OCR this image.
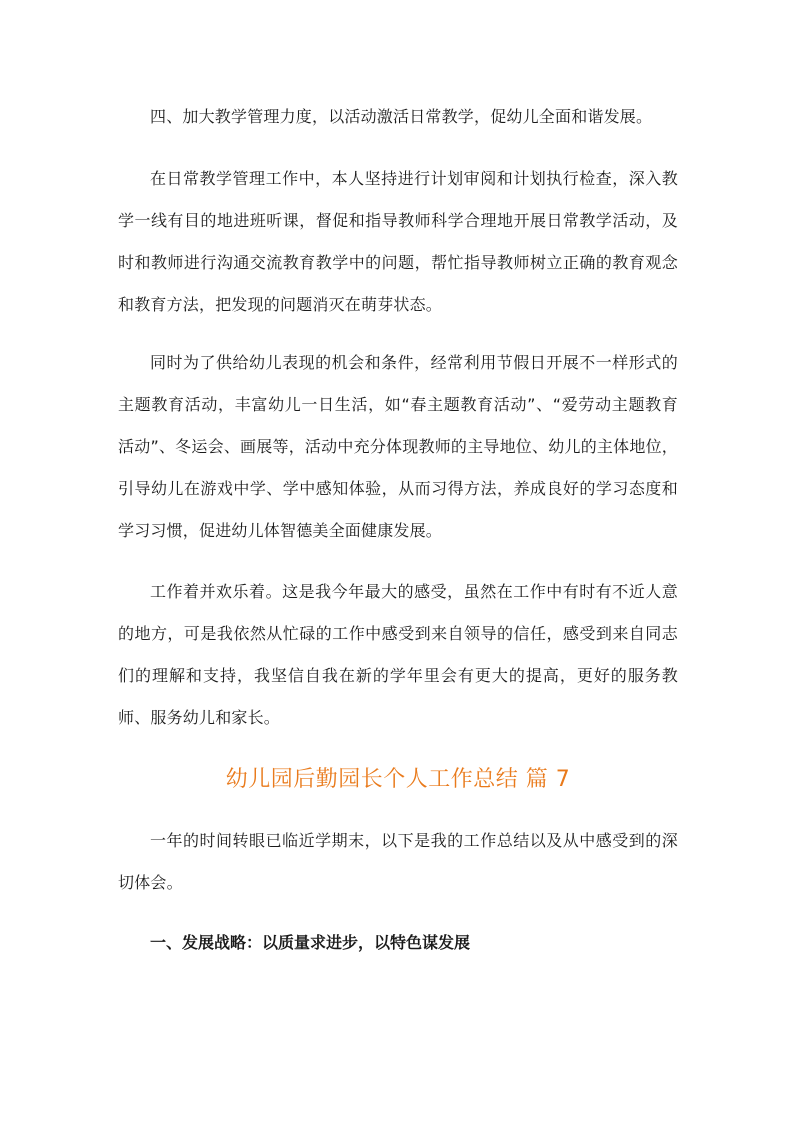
四、加大教学管理力度，以活动激活日常教学，促幼儿全面和谐发展。

在日常教学管理工作中，本人坚持进行计划审阅和计划执行检查，深入教学一线有目的地进班听课，督促和指导教师科学合理地开展日常教学活动，及时和教师进行沟通交流教育教学中的问题，帮忙指导教师树立正确的教育观念和教育方法，把发现的问题消灭在萌芽状态。

同时为了供给幼儿表现的机会和条件，经常利用节假日开展不一样形式的主题教育活动，丰富幼儿一日生活，如“春主题教育活动”、“爱劳动主题教育活动”、冬运会、画展等，活动中充分体现教师的主导地位、幼儿的主体地位，引导幼儿在游戏中学、学中感知体验，从而习得方法，养成良好的学习态度和学习习惯，促进幼儿体智德美全面健康发展。

工作着并欢乐着。这是我今年最大的感受，虽然在工作中有时有不近人意的地方，可是我依然从忙碌的工作中感受到来自领导的信任，感受到来自同志们的理解和支持，我坚信自我在新的学年里会有更大的提高，更好的服务教师、服务幼儿和家长。

幼儿园后勤园长个人工作总结 篇 7

一年的时间转眼已临近学期末，以下是我的工作总结以及从中感受到的深切体会。

一、发展战略：以质量求进步，以特色谋发展
